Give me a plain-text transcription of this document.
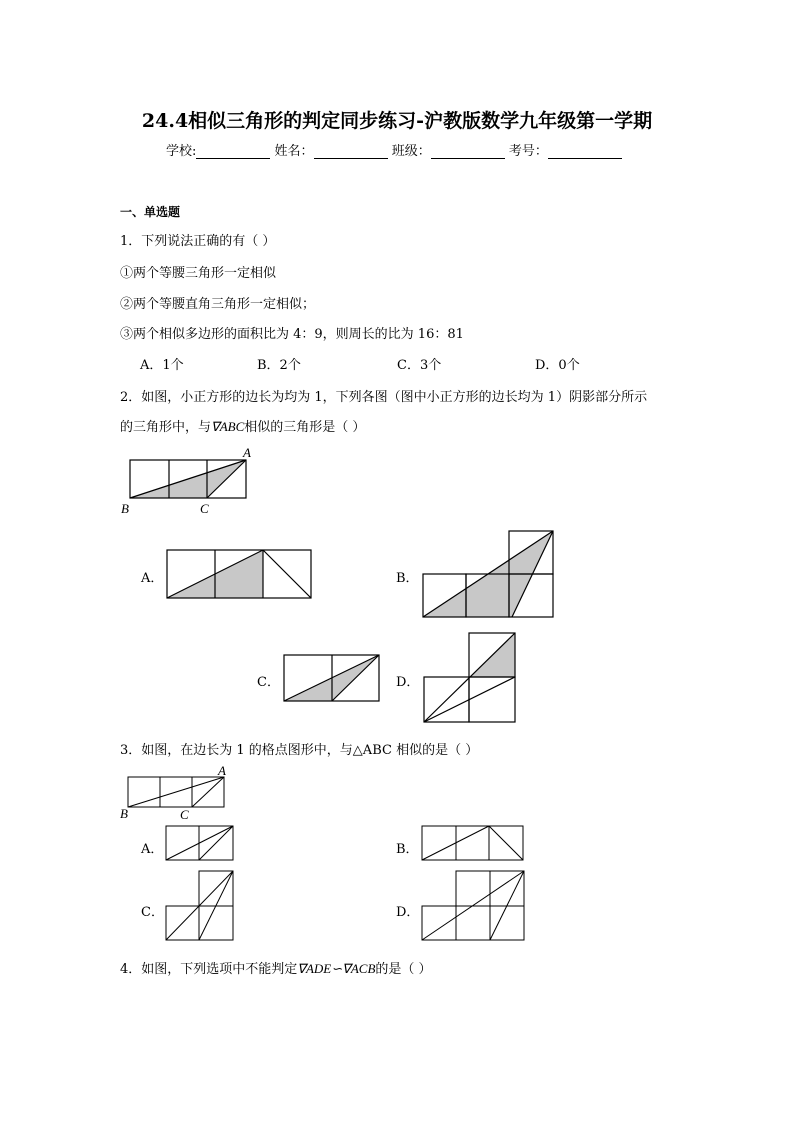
24.4相似三角形的判定同步练习-沪教版数学九年级第一学期
学校:	姓名：	班级：	考号：
一、单选题
1．下列说法正确的有（ ）
①两个等腰三角形一定相似
②两个等腰直角三角形一定相似；
③两个相似多边形的面积比为 4：9，则周长的比为 16：81
A．1个	B．2个	C．3个	D．0个
2．如图，小正方形的边长为均为 1，下列各图（图中小正方形的边长均为 1）阴影部分所示
的三角形中，与∇ABC相似的三角形是（ ）
A
B	C
A．	B．
C．	D．
3．如图，在边长为 1 的格点图形中，与△ABC 相似的是（ ）
A
B	C
A．	B．
C．	D．
4．如图，下列选项中不能判定∇ADE∽∇ACB的是（ ）
